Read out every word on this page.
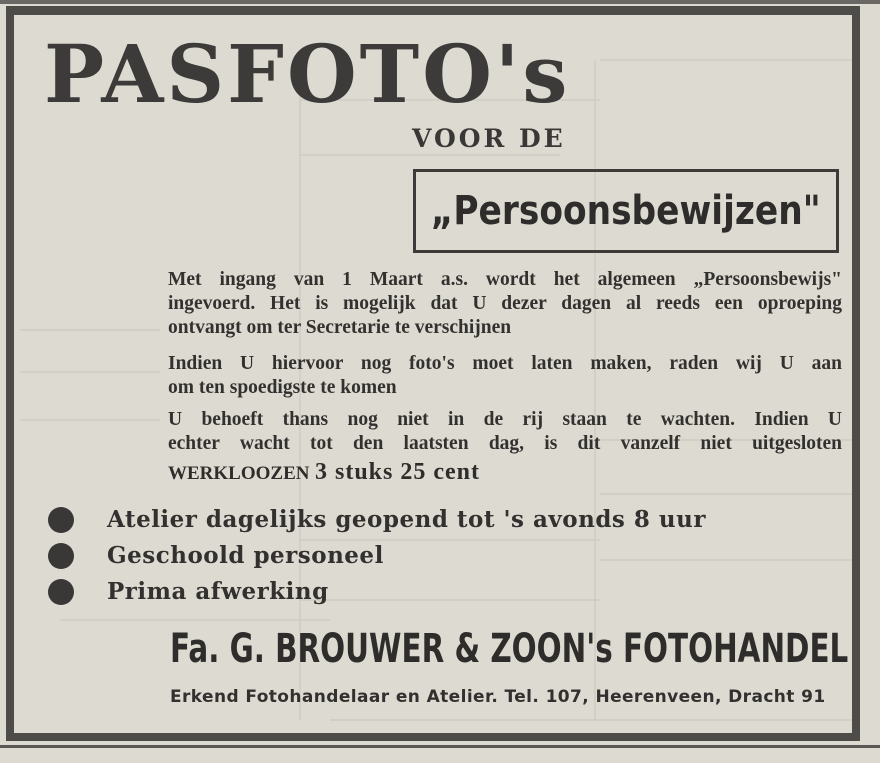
PASFOTO's
VOOR DE
„Persoonsbewijzen"
Met ingang van 1 Maart a.s. wordt het algemeen „Persoonsbewijs"
ingevoerd. Het is mogelijk dat U dezer dagen al reeds een oproeping
ontvangt om ter Secretarie te verschijnen
Indien U hiervoor nog foto's moet laten maken, raden wij U aan
om ten spoedigste te komen
U behoeft thans nog niet in de rij staan te wachten. Indien U
echter wacht tot den laatsten dag, is dit vanzelf niet uitgesloten
WERKLOOZEN 3 stuks 25 cent
Atelier dagelijks geopend tot 's avonds 8 uur
Geschoold personeel
Prima afwerking
Fa. G. BROUWER & ZOON's FOTOHANDEL
Erkend Fotohandelaar en Atelier. Tel. 107, Heerenveen, Dracht 91
